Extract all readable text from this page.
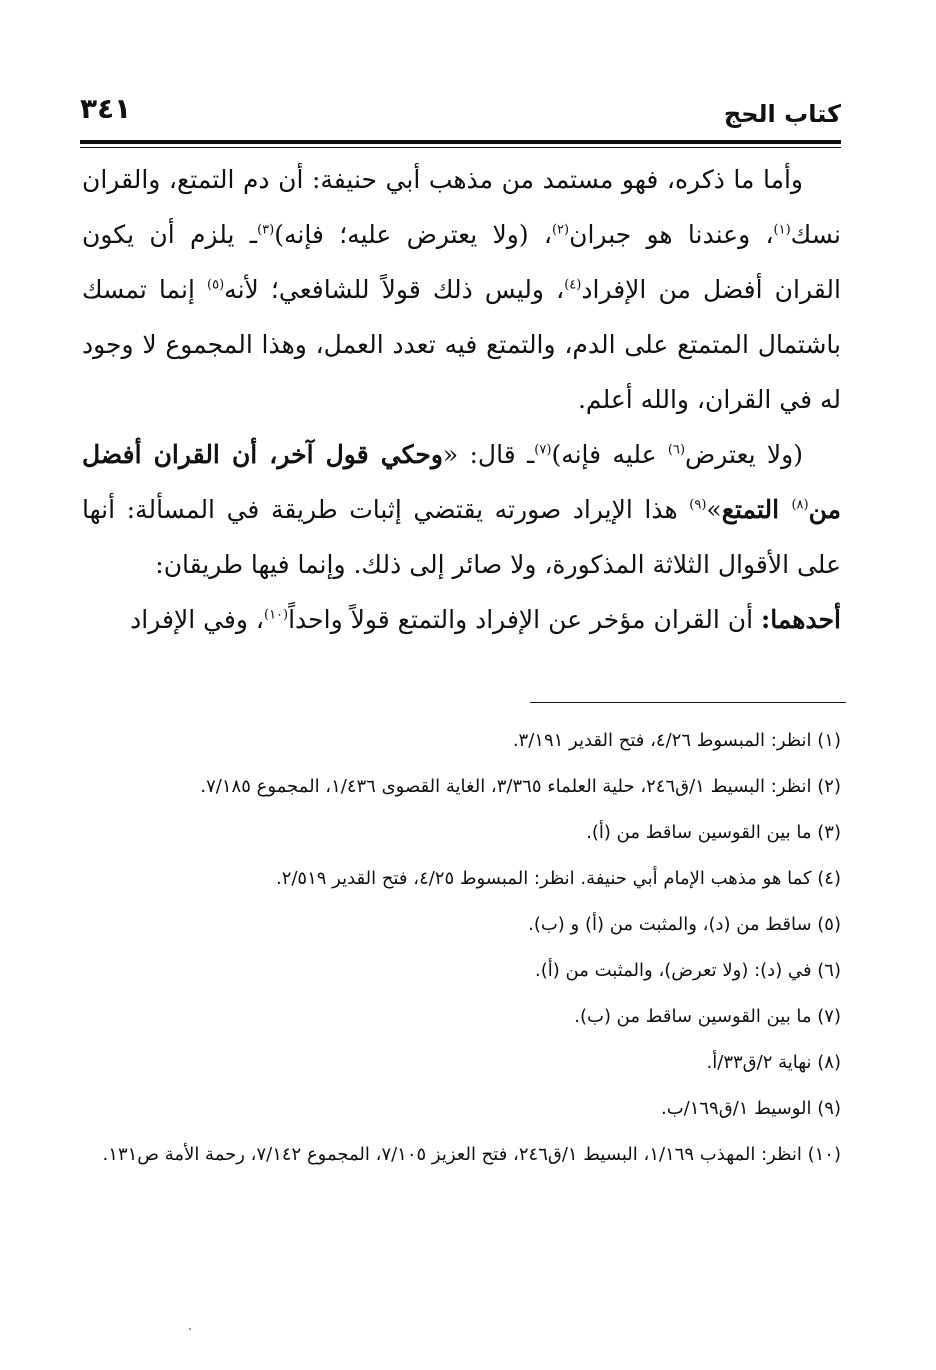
٣٤١	كتاب الحج

وأما ما ذكره، فهو مستمد من مذهب أبي حنيفة: أن دم التمتع، والقران نسك$^{(١)}$، وعندنا هو جبران$^{(٢)}$، (ولا يعترض عليه؛ فإنه)$^{(٣)}$ـ يلزم أن يكون القران أفضل من الإفراد$^{(٤)}$، وليس ذلك قولاً للشافعي؛ لأنه$^{(٥)}$ إنما تمسك باشتمال المتمتع على الدم، والتمتع فيه تعدد العمل، وهذا المجموع لا وجود له في القران، والله أعلم.

(ولا يعترض$^{(٦)}$ عليه فإنه)$^{(٧)}$ـ قال: «وحكي قول آخر، أن القران أفضل من$^{(٨)}$ التمتع»$^{(٩)}$ هذا الإيراد صورته يقتضي إثبات طريقة في المسألة: أنها على الأقوال الثلاثة المذكورة، ولا صائر إلى ذلك. وإنما فيها طريقان:

أحدهما: أن القران مؤخر عن الإفراد والتمتع قولاً واحداً$^{(١٠)}$، وفي الإفراد

(١) انظر: المبسوط ٤/٢٦، فتح القدير ٣/١٩١.

(٢) انظر: البسيط ١/ق٢٤٦، حلية العلماء ٣/٣٦٥، الغاية القصوى ١/٤٣٦، المجموع ٧/١٨٥.

(٣) ما بين القوسين ساقط من (أ).

(٤) كما هو مذهب الإمام أبي حنيفة. انظر: المبسوط ٤/٢٥، فتح القدير ٢/٥١٩.

(٥) ساقط من (د)، والمثبت من (أ) و (ب).

(٦) في (د): (ولا تعرض)، والمثبت من (أ).

(٧) ما بين القوسين ساقط من (ب).

(٨) نهاية ٢/ق٣٣/أ.

(٩) الوسيط ١/ق١٦٩/ب.

(١٠) انظر: المهذب ١/١٦٩، البسيط ١/ق٢٤٦، فتح العزيز ٧/١٠٥، المجموع ٧/١٤٢، رحمة الأمة ص١٣١.
